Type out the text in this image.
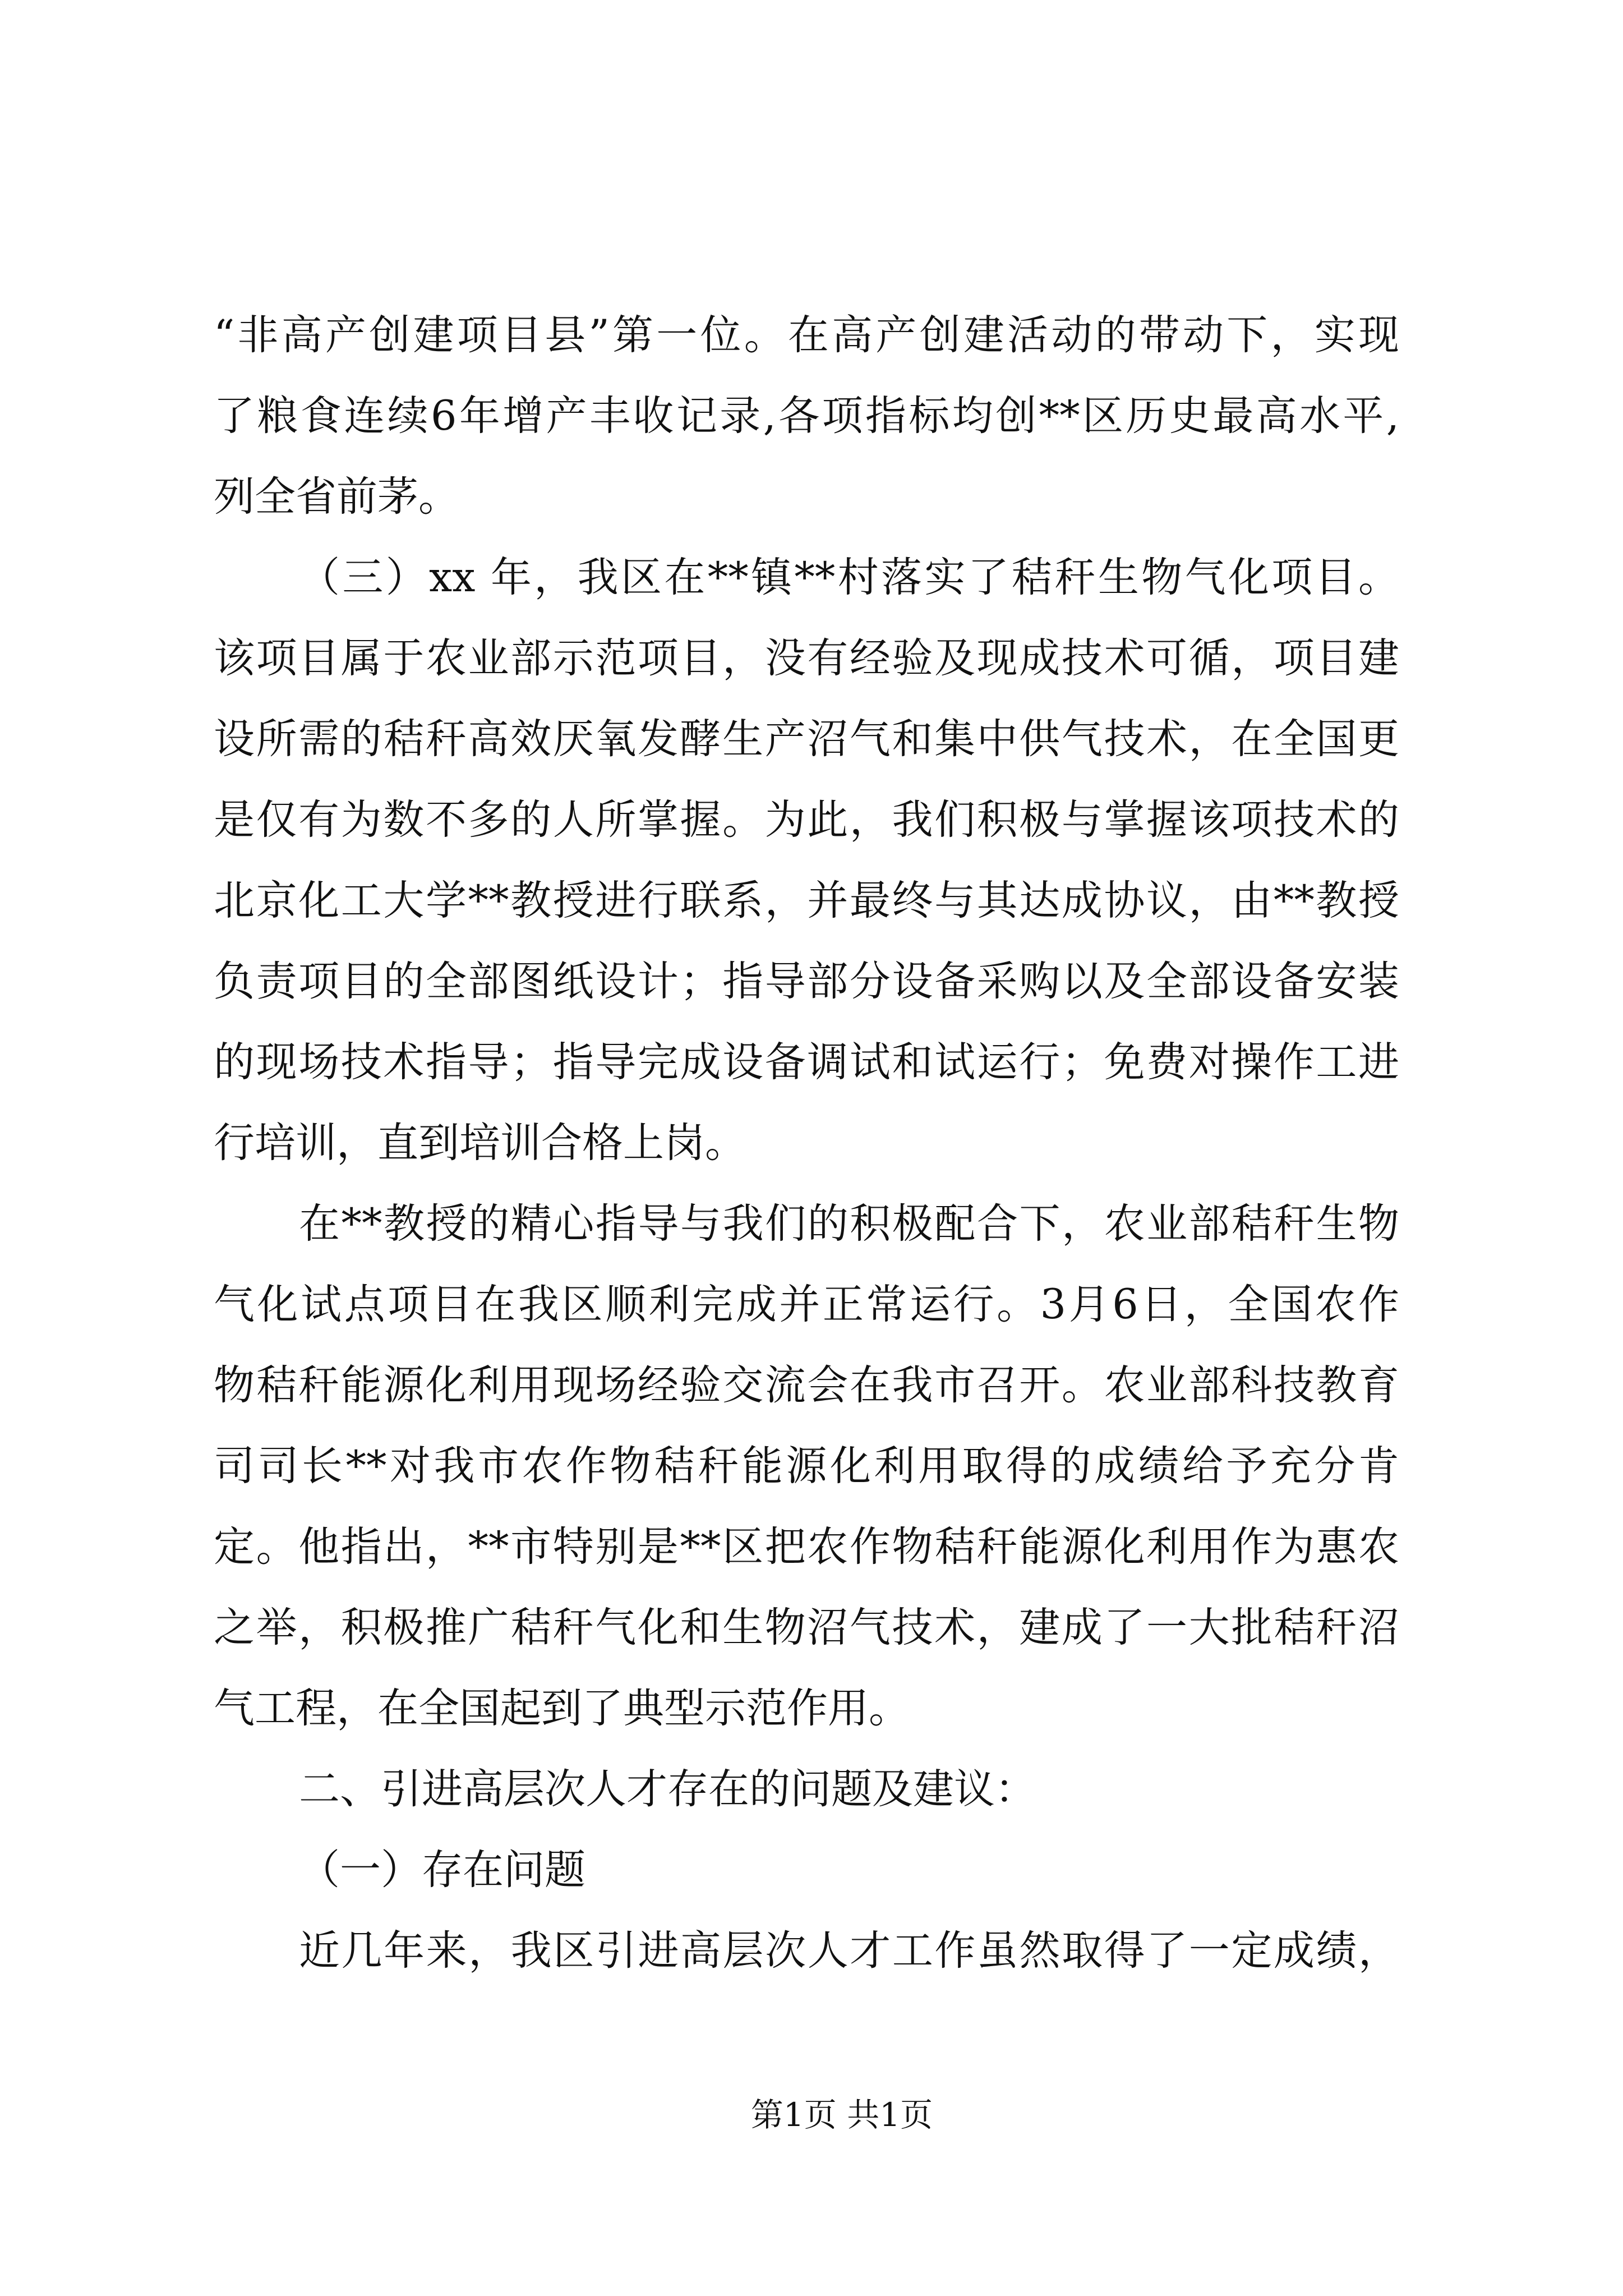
“非高产创建项目县”第一位。在高产创建活动的带动下，实现
了粮食连续6年增产丰收记录,各项指标均创**区历史最高水平,
列全省前茅。
（三）xx 年，我区在**镇**村落实了秸秆生物气化项目。
该项目属于农业部示范项目，没有经验及现成技术可循，项目建
设所需的秸秆高效厌氧发酵生产沼气和集中供气技术，在全国更
是仅有为数不多的人所掌握。为此，我们积极与掌握该项技术的
北京化工大学**教授进行联系，并最终与其达成协议，由**教授
负责项目的全部图纸设计；指导部分设备采购以及全部设备安装
的现场技术指导；指导完成设备调试和试运行；免费对操作工进
行培训，直到培训合格上岗。
在**教授的精心指导与我们的积极配合下，农业部秸秆生物
气化试点项目在我区顺利完成并正常运行。3月6日，全国农作
物秸秆能源化利用现场经验交流会在我市召开。农业部科技教育
司司长**对我市农作物秸秆能源化利用取得的成绩给予充分肯
定。他指出，**市特别是**区把农作物秸秆能源化利用作为惠农
之举，积极推广秸秆气化和生物沼气技术，建成了一大批秸秆沼
气工程，在全国起到了典型示范作用。
二、引进高层次人才存在的问题及建议：
（一）存在问题
近几年来，我区引进高层次人才工作虽然取得了一定成绩，
第1页 共1页
